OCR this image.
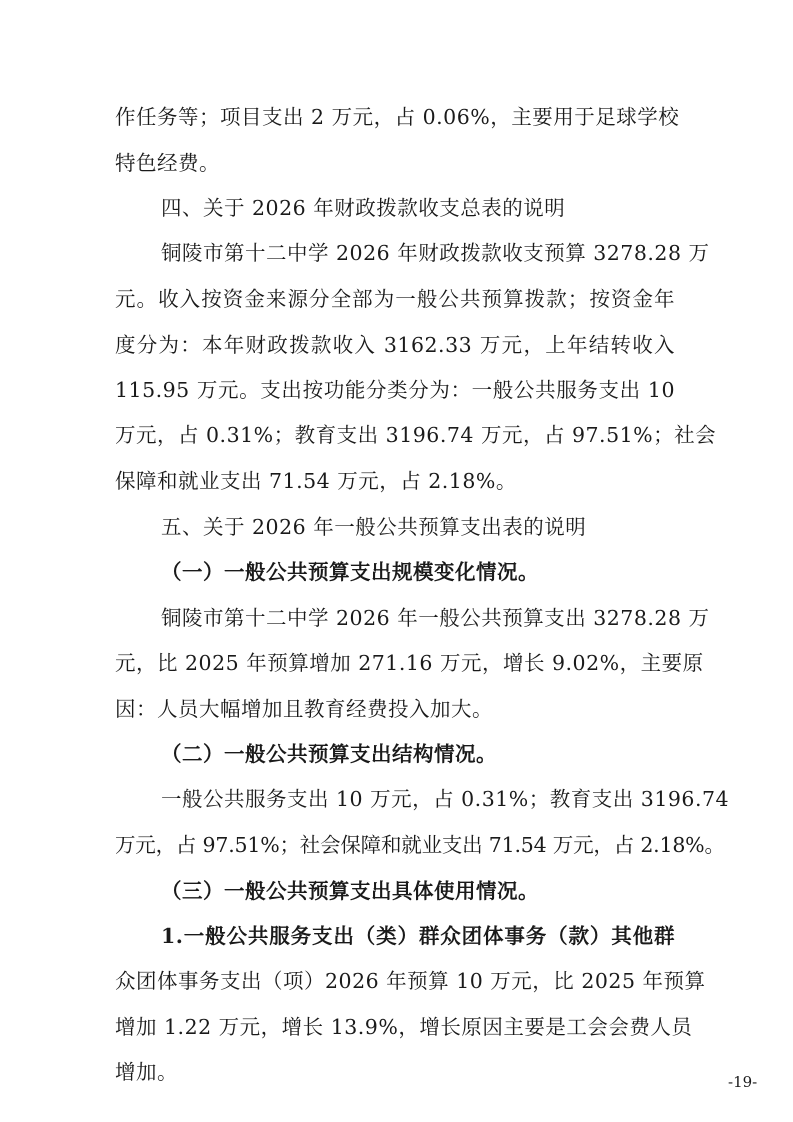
作任务等；项目支出 2 万元，占 0.06%，主要用于足球学校
特色经费。
四、关于 2026 年财政拨款收支总表的说明
铜陵市第十二中学 2026 年财政拨款收支预算 3278.28 万
元。收入按资金来源分全部为一般公共预算拨款；按资金年
度分为：本年财政拨款收入 3162.33 万元，上年结转收入
115.95 万元。支出按功能分类分为：一般公共服务支出 10
万元，占 0.31%；教育支出 3196.74 万元，占 97.51%；社会
保障和就业支出 71.54 万元，占 2.18%。
五、关于 2026 年一般公共预算支出表的说明
（一）一般公共预算支出规模变化情况。
铜陵市第十二中学 2026 年一般公共预算支出 3278.28 万
元，比 2025 年预算增加 271.16 万元，增长 9.02%，主要原
因：人员大幅增加且教育经费投入加大。
（二）一般公共预算支出结构情况。
一般公共服务支出 10 万元，占 0.31%；教育支出 3196.74
万元，占 97.51%；社会保障和就业支出 71.54 万元，占 2.18%。
（三）一般公共预算支出具体使用情况。
1.一般公共服务支出（类）群众团体事务（款）其他群
众团体事务支出（项）2026 年预算 10 万元，比 2025 年预算
增加 1.22 万元，增长 13.9%，增长原因主要是工会会费人员
增加。	-19-
